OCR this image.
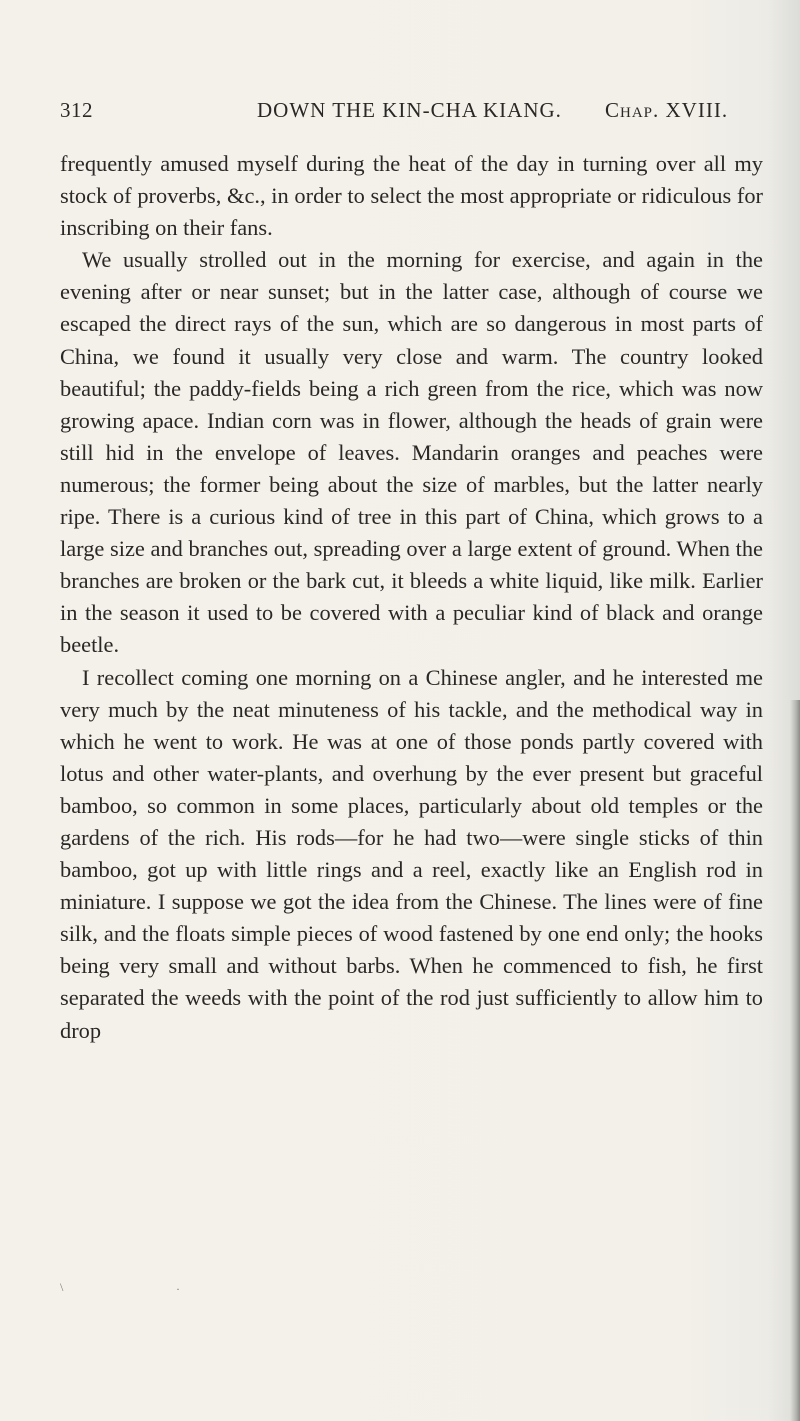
312	DOWN THE KIN-CHA KIANG. Chap. XVIII.

frequently amused myself during the heat of the day in turning over all my stock of proverbs, &c., in order to select the most appropriate or ridiculous for inscribing on their fans.

We usually strolled out in the morning for exercise, and again in the evening after or near sunset; but in the latter case, although of course we escaped the direct rays of the sun, which are so dangerous in most parts of China, we found it usually very close and warm. The country looked beautiful; the paddy-fields being a rich green from the rice, which was now growing apace. Indian corn was in flower, although the heads of grain were still hid in the envelope of leaves. Mandarin oranges and peaches were numerous; the former being about the size of marbles, but the latter nearly ripe. There is a curious kind of tree in this part of China, which grows to a large size and branches out, spreading over a large extent of ground. When the branches are broken or the bark cut, it bleeds a white liquid, like milk. Earlier in the season it used to be covered with a peculiar kind of black and orange beetle.

I recollect coming one morning on a Chinese angler, and he interested me very much by the neat minuteness of his tackle, and the methodical way in which he went to work. He was at one of those ponds partly covered with lotus and other water-plants, and overhung by the ever present but graceful bamboo, so common in some places, particularly about old temples or the gardens of the rich. His rods—for he had two—were single sticks of thin bamboo, got up with little rings and a reel, exactly like an English rod in miniature. I suppose we got the idea from the Chinese. The lines were of fine silk, and the floats simple pieces of wood fastened by one end only; the hooks being very small and without barbs. When he commenced to fish, he first separated the weeds with the point of the rod just sufficiently to allow him to drop

\	·
